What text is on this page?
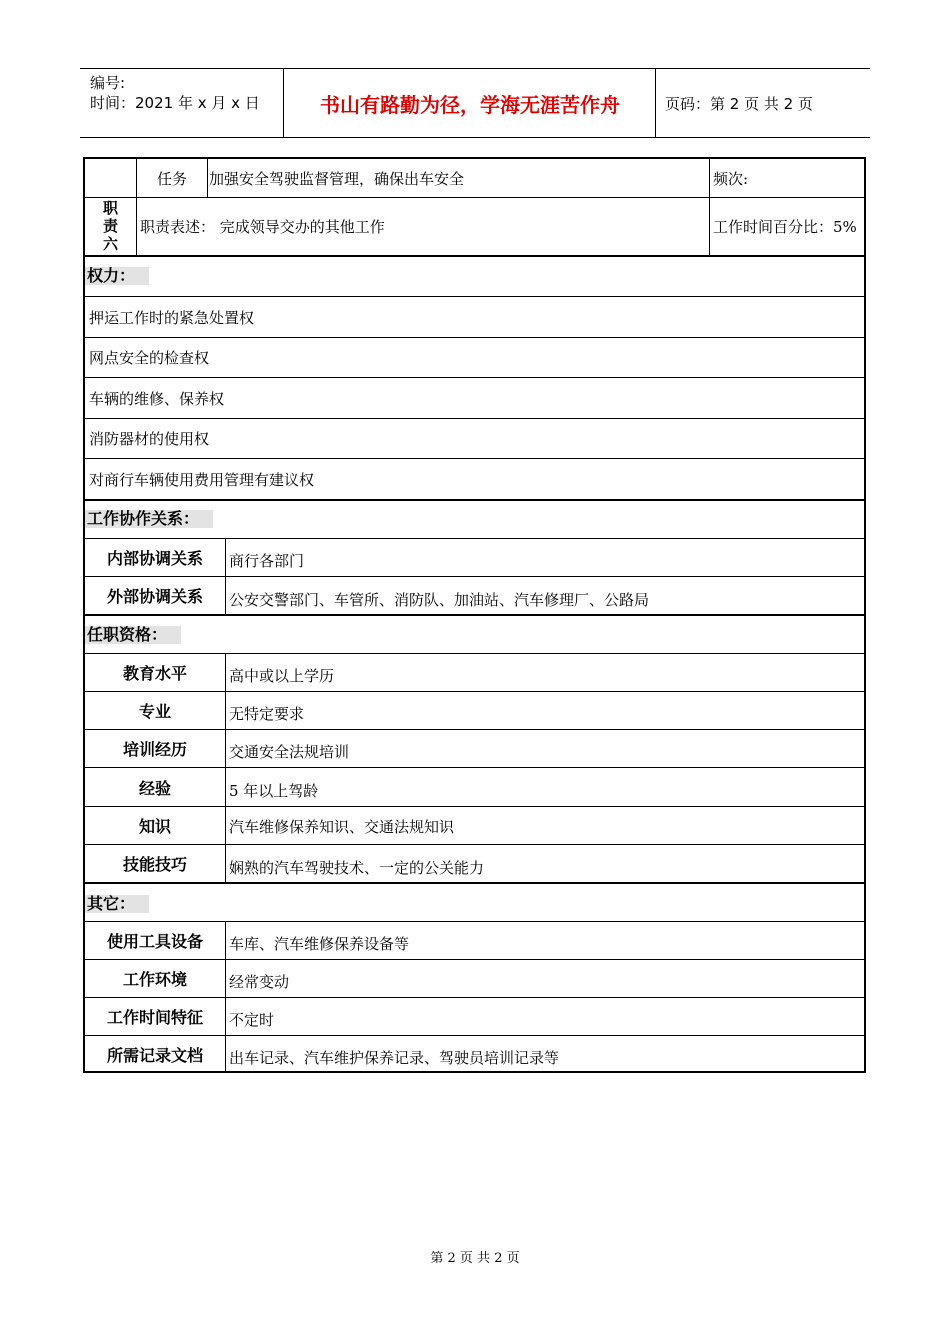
编号:
时间：2021 年 x 月 x 日	书山有路勤为径，学海无涯苦作舟	页码：第 2 页 共 2 页
任务	加强安全驾驶监督管理，确保出车安全	频次:
职
责
六
职责表述： 完成领导交办的其他工作	工作时间百分比：5%
权力：
押运工作时的紧急处置权
网点安全的检查权
车辆的维修、保养权
消防器材的使用权
对商行车辆使用费用管理有建议权
工作协作关系：
内部协调关系	商行各部门
外部协调关系	公安交警部门、车管所、消防队、加油站、汽车修理厂、公路局
任职资格：
教育水平	高中或以上学历
专业	无特定要求
培训经历	交通安全法规培训
经验	5 年以上驾龄
知识	汽车维修保养知识、交通法规知识
技能技巧	娴熟的汽车驾驶技术、一定的公关能力
其它：
使用工具设备	车库、汽车维修保养设备等
工作环境	经常变动
工作时间特征	不定时
所需记录文档	出车记录、汽车维护保养记录、驾驶员培训记录等
第 2 页 共 2 页
